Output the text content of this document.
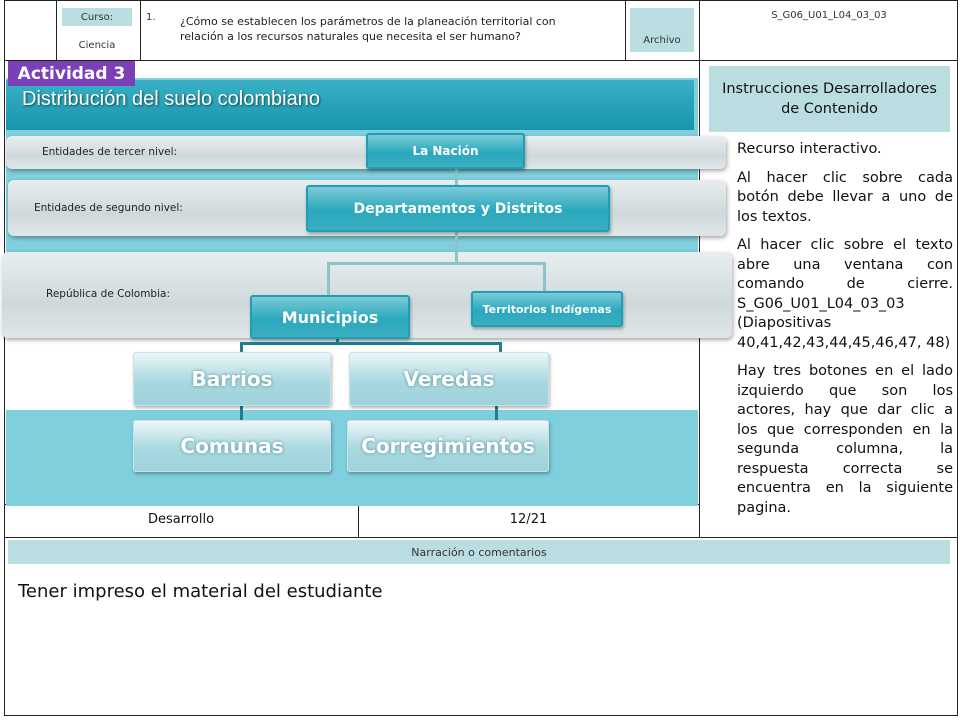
Curso:
Ciencia
1. ¿Cómo se establecen los parámetros de la planeación territorial con relación a los recursos naturales que necesita el ser humano?	Archivo
S_G06_U01_L04_03_03
Distribución del suelo colombiano
Actividad 3
Entidades de tercer nivel:
Entidades de segundo nivel:
República de Colombia:
La Nación
Departamentos y Distritos
Municipios	Territorios Indígenas
Barrios	Veredas
Comunas	Corregimientos
Instrucciones Desarrolladores de Contenido

Recurso interactivo.

Al hacer clic sobre cada botón debe llevar a uno de los textos.

Al hacer clic sobre el texto abre una ventana con comando de cierre. S_G06_U01_L04_03_03 (Diapositivas 40,41,42,43,44,45,46,47, 48)

Hay tres botones en el lado izquierdo que son los actores, hay que dar clic a los que corresponden en la segunda columna, la respuesta correcta se encuentra en la siguiente pagina.

Desarrollo	12/21
Narración o comentarios
Tener impreso el material del estudiante
